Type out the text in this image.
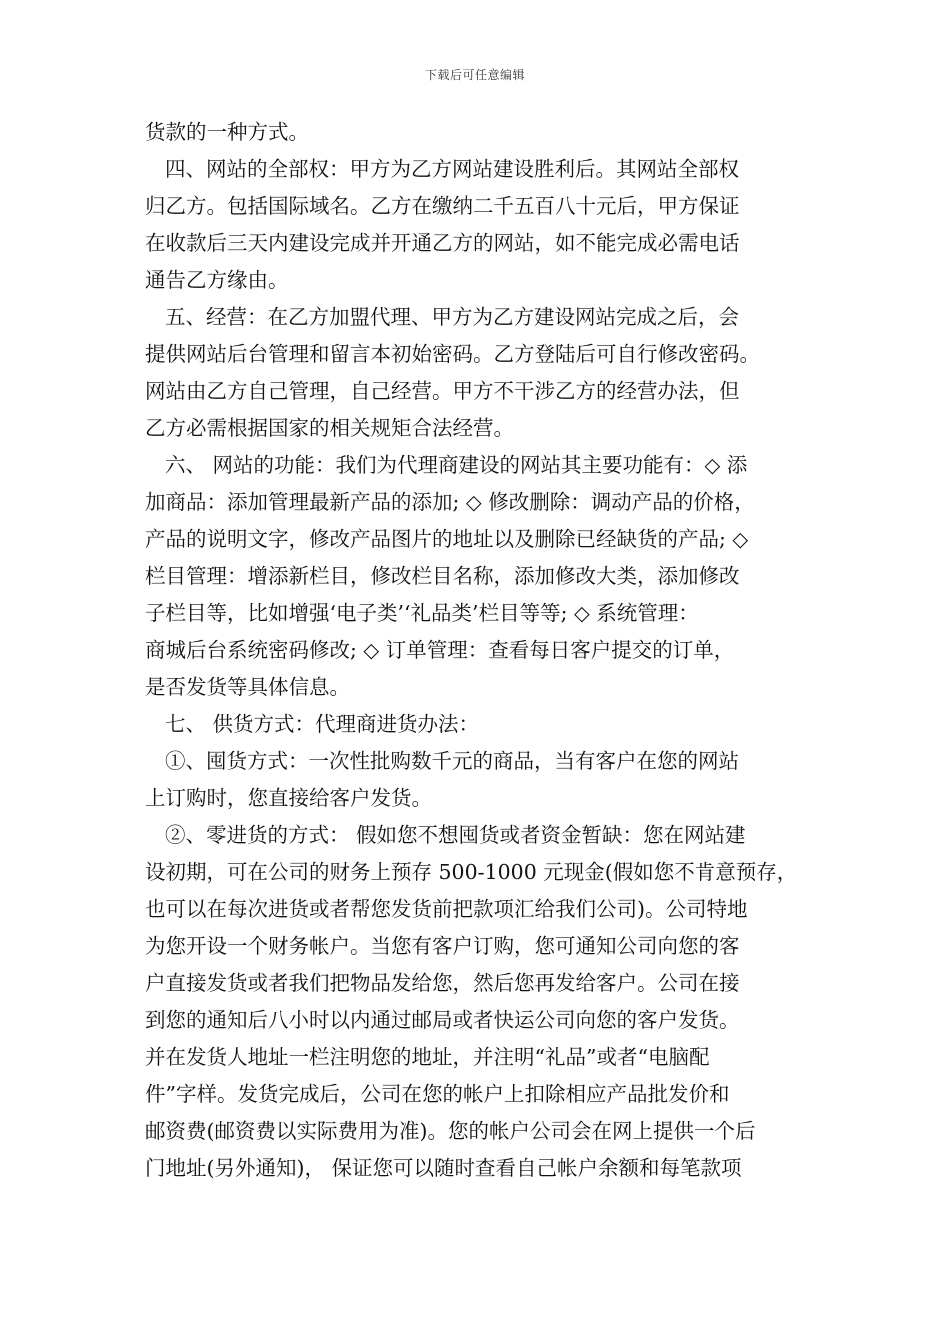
下载后可任意编辑
货款的一种方式。
四、网站的全部权：甲方为乙方网站建设胜利后。其网站全部权
归乙方。包括国际域名。乙方在缴纳二千五百八十元后，甲方保证
在收款后三天内建设完成并开通乙方的网站，如不能完成必需电话
通告乙方缘由。
五、经营：在乙方加盟代理、甲方为乙方建设网站完成之后，会
提供网站后台管理和留言本初始密码。乙方登陆后可自行修改密码。
网站由乙方自己管理，自己经营。甲方不干涉乙方的经营办法，但
乙方必需根据国家的相关规矩合法经营。
六、 网站的功能：我们为代理商建设的网站其主要功能有：◇ 添
加商品：添加管理最新产品的添加; ◇ 修改删除：调动产品的价格，
产品的说明文字，修改产品图片的地址以及删除已经缺货的产品; ◇
栏目管理：增添新栏目，修改栏目名称，添加修改大类，添加修改
子栏目等，比如增强‘电子类’‘礼品类’栏目等等; ◇ 系统管理：
商城后台系统密码修改; ◇ 订单管理：查看每日客户提交的订单，
是否发货等具体信息。
七、 供货方式：代理商进货办法：
①、囤货方式：一次性批购数千元的商品，当有客户在您的网站
上订购时，您直接给客户发货。
②、零进货的方式： 假如您不想囤货或者资金暂缺：您在网站建
设初期，可在公司的财务上预存 500-1000 元现金(假如您不肯意预存，
也可以在每次进货或者帮您发货前把款项汇给我们公司)。公司特地
为您开设一个财务帐户。当您有客户订购，您可通知公司向您的客
户直接发货或者我们把物品发给您，然后您再发给客户。公司在接
到您的通知后八小时以内通过邮局或者快运公司向您的客户发货。
并在发货人地址一栏注明您的地址，并注明“礼品”或者“电脑配
件”字样。发货完成后，公司在您的帐户上扣除相应产品批发价和
邮资费(邮资费以实际费用为准)。您的帐户公司会在网上提供一个后
门地址(另外通知)， 保证您可以随时查看自己帐户余额和每笔款项
